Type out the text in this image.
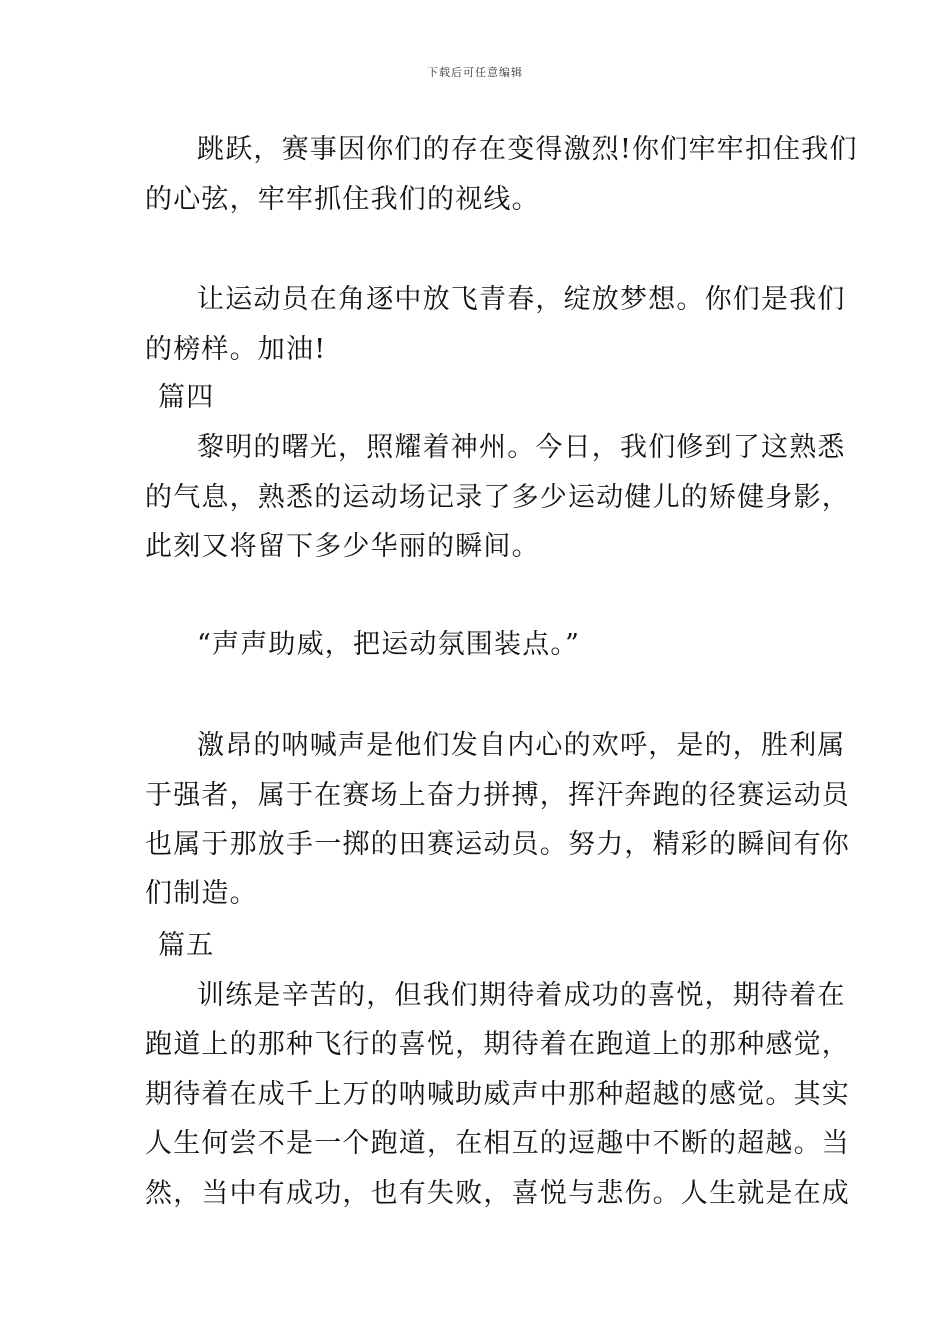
下载后可任意编辑
跳跃，赛事因你们的存在变得激烈!你们牢牢扣住我们
的心弦，牢牢抓住我们的视线。
让运动员在角逐中放飞青春，绽放梦想。你们是我们
的榜样。加油!
篇四
黎明的曙光，照耀着神州。今日，我们修到了这熟悉
的气息，熟悉的运动场记录了多少运动健儿的矫健身影，
此刻又将留下多少华丽的瞬间。
“声声助威，把运动氛围装点。”
激昂的呐喊声是他们发自内心的欢呼，是的，胜利属
于强者，属于在赛场上奋力拼搏，挥汗奔跑的径赛运动员
也属于那放手一掷的田赛运动员。努力，精彩的瞬间有你
们制造。
篇五
训练是辛苦的，但我们期待着成功的喜悦，期待着在
跑道上的那种飞行的喜悦，期待着在跑道上的那种感觉，
期待着在成千上万的呐喊助威声中那种超越的感觉。其实
人生何尝不是一个跑道，在相互的逗趣中不断的超越。当
然，当中有成功，也有失败，喜悦与悲伤。人生就是在成
